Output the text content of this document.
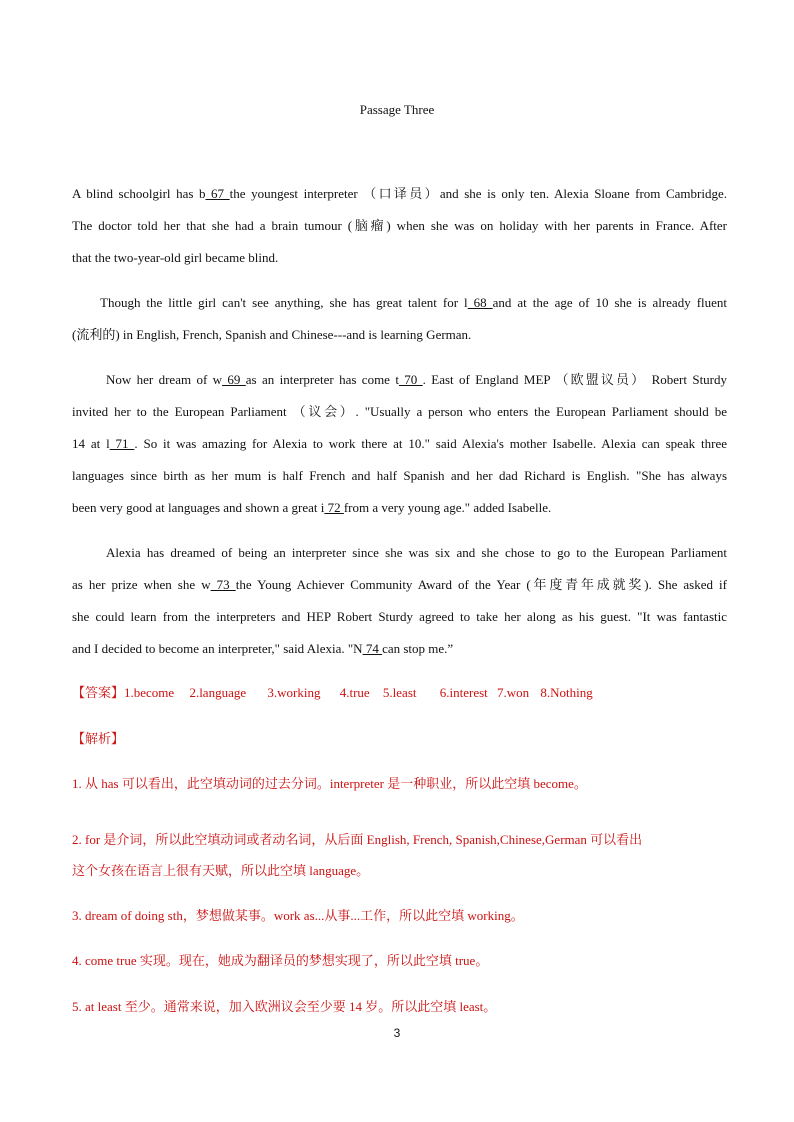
Passage Three
A blind schoolgirl has b 67 the youngest interpreter （口译员）and she is only ten. Alexia Sloane from Cambridge.
The doctor told her that she had a brain tumour (脑瘤) when she was on holiday with her parents in France. After
that the two-year-old girl became blind.
Though the little girl can't see anything, she has great talent for l 68 and at the age of 10 she is already fluent
(流利的) in English, French, Spanish and Chinese---and is learning German.
Now her dream of w 69 as an interpreter has come t 70 . East of England MEP （欧盟议员） Robert Sturdy
invited her to the European Parliament （议会）. "Usually a person who enters the European Parliament should be
14 at l 71 . So it was amazing for Alexia to work there at 10." said Alexia's mother Isabelle. Alexia can speak three
languages since birth as her mum is half French and half Spanish and her dad Richard is English. "She has always
been very good at languages and shown a great i 72 from a very young age." added Isabelle.
Alexia has dreamed of being an interpreter since she was six and she chose to go to the European Parliament
as her prize when she w 73 the Young Achiever Community Award of the Year (年度青年成就奖). She asked if
she could learn from the interpreters and HEP Robert Sturdy agreed to take her along as his guest. "It was fantastic
and I decided to become an interpreter," said Alexia. "N 74 can stop me.”
【答案】1.become 2.language 3.working 4.true 5.least 6.interest 7.won 8.Nothing
【解析】
1. 从 has 可以看出，此空填动词的过去分词。interpreter 是一种职业，所以此空填 become。
2. for 是介词，所以此空填动词或者动名词，从后面 English, French, Spanish,Chinese,German 可以看出
这个女孩在语言上很有天赋，所以此空填 language。
3. dream of doing sth，梦想做某事。work as...从事...工作，所以此空填 working。
4. come true 实现。现在，她成为翻译员的梦想实现了，所以此空填 true。
5. at least 至少。通常来说，加入欧洲议会至少要 14 岁。所以此空填 least。
3
